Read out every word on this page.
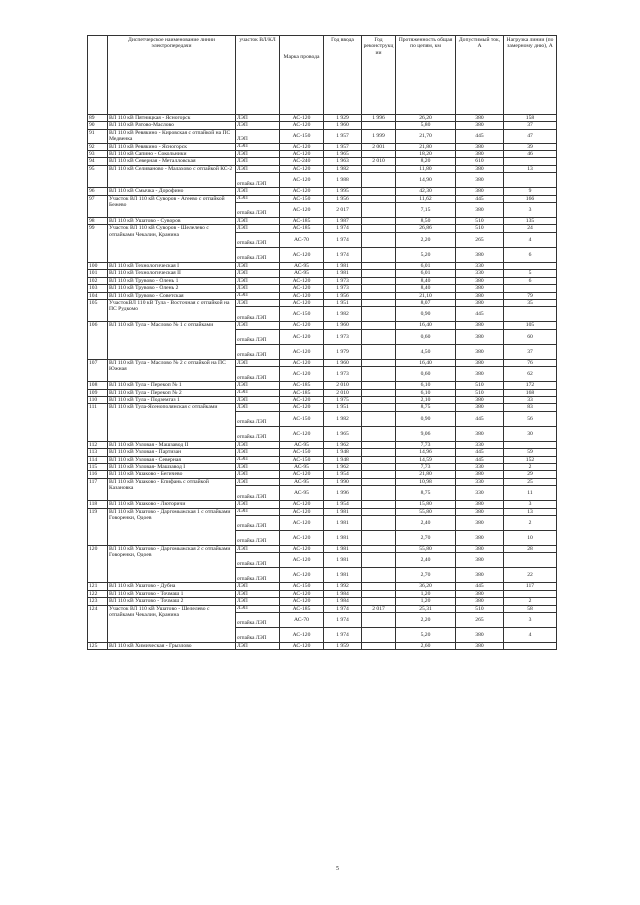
	Диспетчерское наименование линии электропередачи	участок ВЛ/КЛ	Марка провода	Год ввода	Год реконструкции	Протяженность общая по цепям, км	Допустимый ток, А	Нагрузка линии (по замерному дню), А
89	ВЛ 110 кВ Пятницкая - Ясногорск	ЛЭП	АС-120	1 929	1 996	26,20	380	158
90	ВЛ 110 кВ Ратово-Маслово	ЛЭП	АС-120	1 960		5,80	380	37
91	ВЛ 110 кВ Ревякино - Кировская с отпайкой на ПС Медвенка	ЛЭП	АС-150	1 957	1 999	21,70	445	47
92	ВЛ 110 кВ Ревякино - Ясногорск	ЛЭП	АС-120	1 957	2 001	21,80	380	39
93	ВЛ 110 кВ Сапино - Сокольники	ЛЭП	АС-120	1 965		18,20	380	46
94	ВЛ 110 кВ Северная - Металловская	ЛЭП	АС-240	1 963	2 010	8,20	610	
95	ВЛ 110 кВ Селиваново - Малахово с отпайкой КС-2	ЛЭП	АС-120	1 982		11,80	380	13
		отпайка ЛЭП	АС-120	1 988		14,90	380	
96	ВЛ 110 кВ Смычка - Дорофино	ЛЭП	АС-120	1 995		42,30	380	9
97	Участок ВЛ 110 кВ Суворов - Агеево с отпайкой Бежево	ЛЭП	АС-150	1 956		11,62	445	166
		отпайка ЛЭП	АС-120	2 017		7,15	380	3
98	ВЛ 110 кВ Ушатово - Суворов	ЛЭП	АС-185	1 987		8,50	510	135
99	Участок ВЛ 110 кВ Суворов - Шелелево с отпайками Чекалин, Кранина	ЛЭП	АС-185	1 974		26,86	510	24
		отпайка ЛЭП	АС-70	1 974		2,20	265	4
		отпайка ЛЭП	АС-120	1 974		5,20	380	6
100	ВЛ 110 кВ Технологическая I	ЛЭП	АС-95	1 981		6,01	330	
101	ВЛ 110 кВ Технологическая II	ЛЭП	АС-95	1 981		6,01	330	5
102	ВЛ 110 кВ Трувово - Олень 1	ЛЭП	АС-120	1 973		8,40	380	6
103	ВЛ 110 кВ Трувово - Олень 2	ЛЭП	АС-120	1 973		8,40	380	
104	ВЛ 110 кВ Трувово - Советская	ЛЭП	АС-120	1 956		21,10	380	79
105	УчастокВЛ 110 кВ Тула - Восточная с отпайкой на ПС Рудкомо	ЛЭП	АС-120	1 951		8,07	380	35
		отпайка ЛЭП	АС-150	1 982		0,90	445	
106	ВЛ 110 кВ Тула - Маслово № 1 с отпайками	ЛЭП	АС-120	1 960		16,40	380	105
		отпайка ЛЭП	АС-120	1 973		0,60	380	60
		отпайка ЛЭП	АС-120	1 979		4,50	380	37
107	ВЛ 110 кВ Тула - Маслово № 2 с отпайкой на ПС Южная	ЛЭП	АС-120	1 960		16,40	380	76
		отпайка ЛЭП	АС-120	1 973		0,60	380	62
108	ВЛ 110 кВ Тула - Перекоп № 1	ЛЭП	АС-185	2 010		6,10	510	172
109	ВЛ 110 кВ Тула - Перекоп № 2	ЛЭП	АС-185	2 010		6,10	510	168
110	ВЛ 110 кВ Тула - Подземгаз 1	ЛЭП	АС-120	1 975		2,10	380	33
111	ВЛ 110 кВ Тула-Ясенополянская с отпайками	ЛЭП	АС-120	1 951		8,75	380	83
		отпайка ЛЭП	АС-150	1 982		0,90	445	56
		отпайка ЛЭП	АС-120	1 965		9,06	380	30
112	ВЛ 110 кВ Узловая - Машзавод II	ЛЭП	АС-95	1 962		7,73	330	
113	ВЛ 110 кВ Узловая - Партизан	ЛЭП	АС-150	1 948		14,96	445	59
114	ВЛ 110 кВ Узловая - Северная	ЛЭП	АС-150	1 948		14,59	445	152
115	ВЛ 110 кВ Узловая- Машзавод I	ЛЭП	АС-95	1 962		7,73	330	2
116	ВЛ 110 кВ Ушаково - Бегичево	ЛЭП	АС-120	1 954		21,80	380	29
117	ВЛ 110 кВ Ушаково - Епифань с отпайкой Казановка	ЛЭП	АС-95	1 990		10,98	330	25
		отпайка ЛЭП	АС-95	1 996		8,75	330	11
118	ВЛ 110 кВ Ушаково - Люторичи	ЛЭП	АС-120	1 954		15,80	380	3
119	ВЛ 110 кВ Ушатово - Даргомыжская 1 с отпайками Говоренки, Одоев	ЛЭП	АС-120	1 981		55,80	380	13
		отпайка ЛЭП	АС-120	1 981		2,40	380	2
		отпайка ЛЭП	АС-120	1 981		2,70	380	10
120	ВЛ 110 кВ Ушатово - Даргомыжская 2 с отпайками Говоренки, Одоев	ЛЭП	АС-120	1 981		55,80	380	28
		отпайка ЛЭП	АС-120	1 981		2,40	380	
		отпайка ЛЭП	АС-120	1 981		2,70	380	22
121	ВЛ 110 кВ Ушатово - Дубна	ЛЭП	АС-150	1 992		36,20	445	117
122	ВЛ 110 кВ Ушатово - Точмаш 1	ЛЭП	АС-120	1 984		1,20	380	
123	ВЛ 110 кВ Ушатово - Точмаш 2	ЛЭП	АС-120	1 984		1,20	380	2
124	Участок ВЛ 110 кВ Ушатово - Шелелево с отпайками Чекалин, Кранина	ЛЭП	АС-185	1 974	2 017	25,31	510	58
		отпайка ЛЭП	АС-70	1 974		2,20	265	3
		отпайка ЛЭП	АС-120	1 974		5,20	380	4
125	ВЛ 110 кВ Химическая - Грызлово	ЛЭП	АС-120	1 959		2,60	380	
5
